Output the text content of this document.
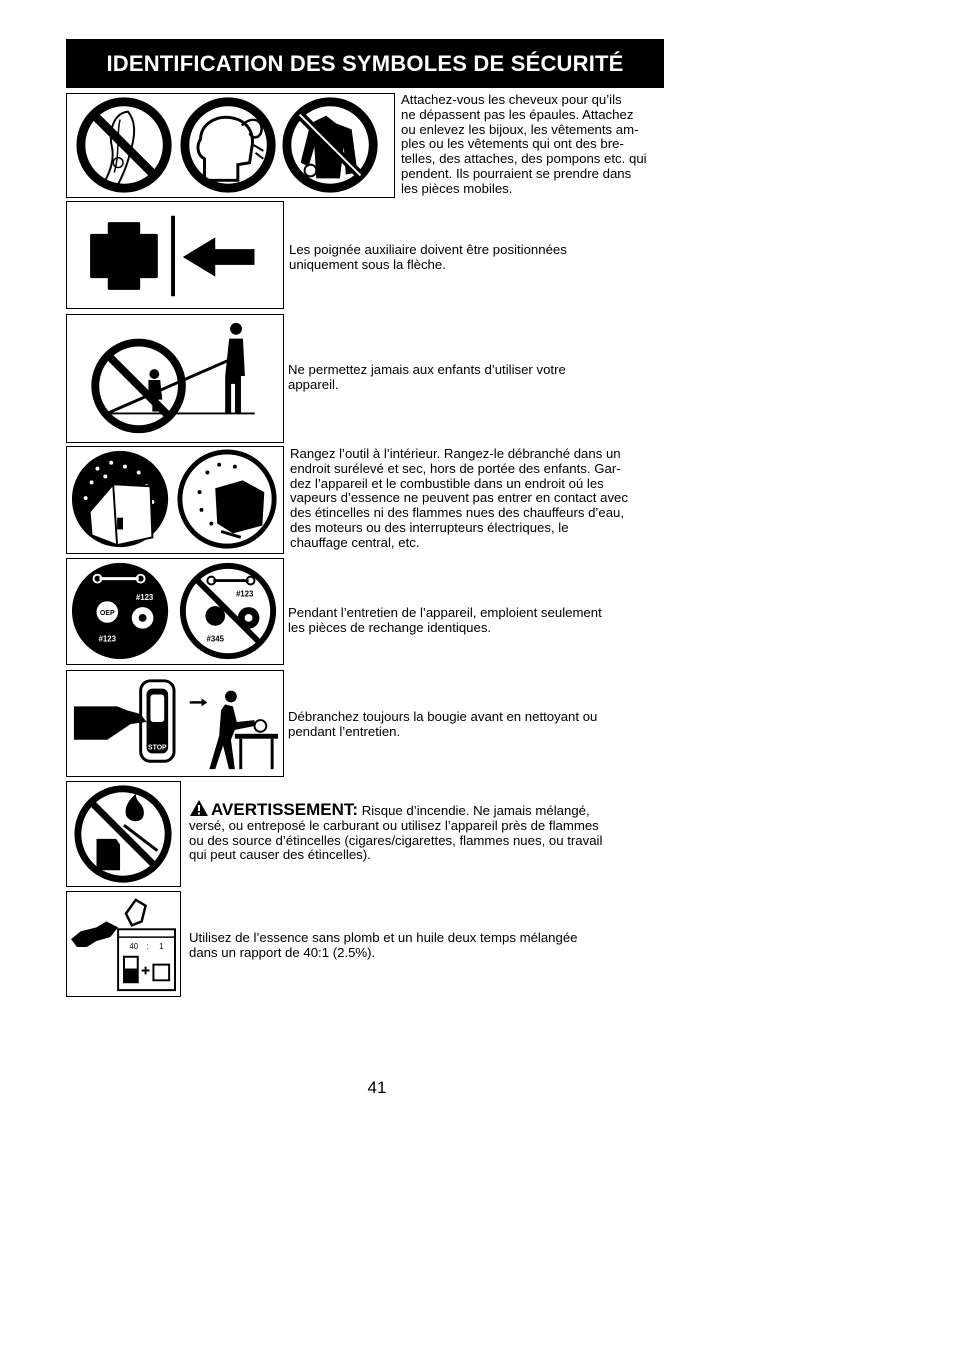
IDENTIFICATION DES SYMBOLES DE SÉCURITÉ
Attachez‑vous les cheveux pour qu’ils
ne dépassent pas les épaules. Attachez
ou enlevez les bijoux, les vêtements am-
ples ou les vêtements qui ont des bre-
telles, des attaches, des pompons etc. qui
pendent. Ils pourraient se prendre dans
les pièces mobiles.
Les poignée auxiliaire doivent être positionnées
uniquement sous la flèche.
Ne permettez jamais aux enfants d’utiliser votre
appareil.
Rangez l’outil à l’intérieur. Rangez‑le débranché dans un
endroit surélevé et sec, hors de portée des enfants. Gar-
dez l’appareil et le combustible dans un endroit oú les
vapeurs d’essence ne peuvent pas entrer en contact avec
des étincelles ni des flammes nues des chauffeurs d’eau,
des moteurs ou des interrupteurs électriques, le
chauffage central, etc.
OEP
#123
#123
#123
#345
Pendant l’entretien de l’appareil, emploient seulement
les pièces de rechange identiques.
STOP
Débranchez toujours la bougie avant en nettoyant ou
pendant l’entretien.
AVERTISSEMENT: Risque d’incendie. Ne jamais mélangé,
versé, ou entreposé le carburant ou utilisez l’appareil près de flammes
ou des source d’étincelles (cigares/cigarettes, flammes nues, ou travail
qui peut causer des étincelles).
40 : 1
Utilisez de l’essence sans plomb et un huile deux temps mélangée
dans un rapport de 40:1 (2.5%).
41
